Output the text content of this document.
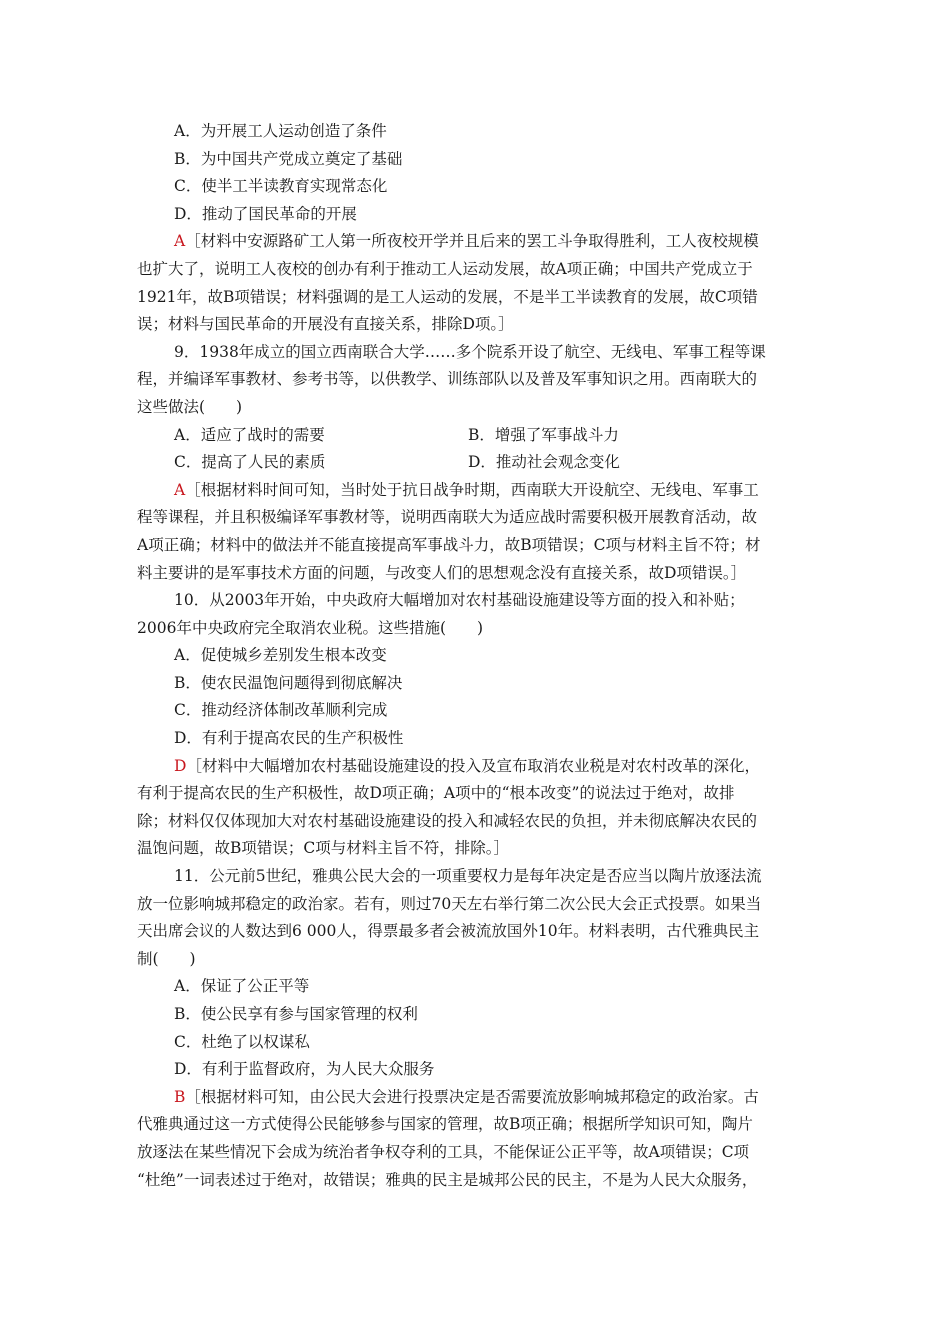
A．为开展工人运动创造了条件
B．为中国共产党成立奠定了基础
C．使半工半读教育实现常态化
D．推动了国民革命的开展
A［材料中安源路矿工人第一所夜校开学并且后来的罢工斗争取得胜利，工人夜校规模
也扩大了，说明工人夜校的创办有利于推动工人运动发展，故A项正确；中国共产党成立于
1921年，故B项错误；材料强调的是工人运动的发展，不是半工半读教育的发展，故C项错
误；材料与国民革命的开展没有直接关系，排除D项。］
9．1938年成立的国立西南联合大学……多个院系开设了航空、无线电、军事工程等课
程，并编译军事教材、参考书等，以供教学、训练部队以及普及军事知识之用。西南联大的
这些做法(　　)
A．适应了战时的需要	B．增强了军事战斗力
C．提高了人民的素质	D．推动社会观念变化
A［根据材料时间可知，当时处于抗日战争时期，西南联大开设航空、无线电、军事工
程等课程，并且积极编译军事教材等，说明西南联大为适应战时需要积极开展教育活动，故
A项正确；材料中的做法并不能直接提高军事战斗力，故B项错误；C项与材料主旨不符；材
料主要讲的是军事技术方面的问题，与改变人们的思想观念没有直接关系，故D项错误。］
10．从2003年开始，中央政府大幅增加对农村基础设施建设等方面的投入和补贴；
2006年中央政府完全取消农业税。这些措施(　　)
A．促使城乡差别发生根本改变
B．使农民温饱问题得到彻底解决
C．推动经济体制改革顺利完成
D．有利于提高农民的生产积极性
D［材料中大幅增加农村基础设施建设的投入及宣布取消农业税是对农村改革的深化，
有利于提高农民的生产积极性，故D项正确；A项中的“根本改变”的说法过于绝对，故排
除；材料仅仅体现加大对农村基础设施建设的投入和减轻农民的负担，并未彻底解决农民的
温饱问题，故B项错误；C项与材料主旨不符，排除。］
11．公元前5世纪，雅典公民大会的一项重要权力是每年决定是否应当以陶片放逐法流
放一位影响城邦稳定的政治家。若有，则过70天左右举行第二次公民大会正式投票。如果当
天出席会议的人数达到6 000人，得票最多者会被流放国外10年。材料表明，古代雅典民主
制(　　)
A．保证了公正平等
B．使公民享有参与国家管理的权利
C．杜绝了以权谋私
D．有利于监督政府，为人民大众服务
B［根据材料可知，由公民大会进行投票决定是否需要流放影响城邦稳定的政治家。古
代雅典通过这一方式使得公民能够参与国家的管理，故B项正确；根据所学知识可知，陶片
放逐法在某些情况下会成为统治者争权夺利的工具，不能保证公正平等，故A项错误；C项
“杜绝”一词表述过于绝对，故错误；雅典的民主是城邦公民的民主，不是为人民大众服务，
